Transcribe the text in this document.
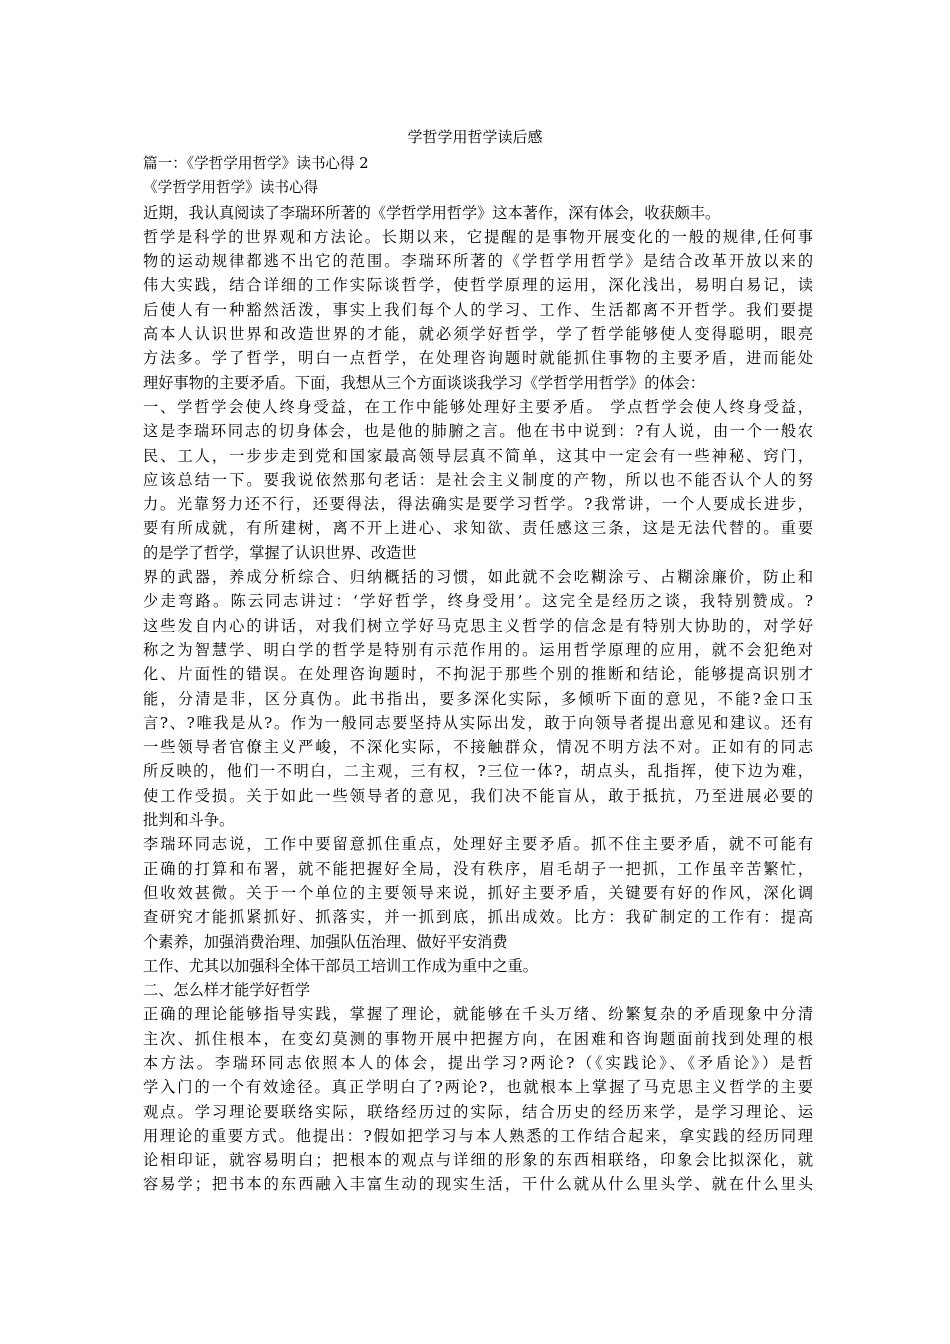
学哲学用哲学读后感
篇一：《学哲学用哲学》读书心得 2
《学哲学用哲学》读书心得
近期，我认真阅读了李瑞环所著的《学哲学用哲学》这本著作，深有体会，收获颇丰。
哲学是科学的世界观和方法论。长期以来，它提醒的是事物开展变化的一般的规律,任何事
物的运动规律都逃不出它的范围。李瑞环所著的《学哲学用哲学》是结合改革开放以来的
伟大实践，结合详细的工作实际谈哲学，使哲学原理的运用，深化浅出，易明白易记，读
后使人有一种豁然活泼，事实上我们每个人的学习、工作、生活都离不开哲学。我们要提
高本人认识世界和改造世界的才能，就必须学好哲学，学了哲学能够使人变得聪明，眼亮
方法多。学了哲学，明白一点哲学，在处理咨询题时就能抓住事物的主要矛盾，进而能处
理好事物的主要矛盾。下面，我想从三个方面谈谈我学习《学哲学用哲学》的体会：
一、学哲学会使人终身受益，在工作中能够处理好主要矛盾。 学点哲学会使人终身受益，
这是李瑞环同志的切身体会，也是他的肺腑之言。他在书中说到：?有人说，由一个一般农
民、工人，一步步走到党和国家最高领导层真不简单，这其中一定会有一些神秘、窍门，
应该总结一下。要我说依然那句老话：是社会主义制度的产物，所以也不能否认个人的努
力。光靠努力还不行，还要得法，得法确实是要学习哲学。?我常讲，一个人要成长进步，
要有所成就，有所建树，离不开上进心、求知欲、责任感这三条，这是无法代替的。重要
的是学了哲学，掌握了认识世界、改造世
界的武器，养成分析综合、归纳概括的习惯，如此就不会吃糊涂亏、占糊涂廉价，防止和
少走弯路。陈云同志讲过：‘学好哲学，终身受用’。这完全是经历之谈，我特别赞成。?
这些发自内心的讲话，对我们树立学好马克思主义哲学的信念是有特别大协助的，对学好
称之为智慧学、明白学的哲学是特别有示范作用的。运用哲学原理的应用，就不会犯绝对
化、片面性的错误。在处理咨询题时，不拘泥于那些个别的推断和结论，能够提高识别才
能，分清是非，区分真伪。此书指出，要多深化实际，多倾听下面的意见，不能?金口玉
言?、?唯我是从?。作为一般同志要坚持从实际出发，敢于向领导者提出意见和建议。还有
一些领导者官僚主义严峻，不深化实际，不接触群众，情况不明方法不对。正如有的同志
所反映的，他们一不明白，二主观，三有权，?三位一体?，胡点头，乱指挥，使下边为难，
使工作受损。关于如此一些领导者的意见，我们决不能盲从，敢于抵抗，乃至进展必要的
批判和斗争。
李瑞环同志说，工作中要留意抓住重点，处理好主要矛盾。抓不住主要矛盾，就不可能有
正确的打算和布署，就不能把握好全局，没有秩序，眉毛胡子一把抓，工作虽辛苦繁忙，
但收效甚微。关于一个单位的主要领导来说，抓好主要矛盾，关键要有好的作风，深化调
查研究才能抓紧抓好、抓落实，并一抓到底，抓出成效。比方：我矿制定的工作有：提高
个素养，加强消费治理、加强队伍治理、做好平安消费
工作、尤其以加强科全体干部员工培训工作成为重中之重。
二、怎么样才能学好哲学
正确的理论能够指导实践，掌握了理论，就能够在千头万绪、纷繁复杂的矛盾现象中分清
主次、抓住根本，在变幻莫测的事物开展中把握方向，在困难和咨询题面前找到处理的根
本方法。李瑞环同志依照本人的体会，提出学习?两论?（《实践论》、《矛盾论》）是哲
学入门的一个有效途径。真正学明白了?两论?，也就根本上掌握了马克思主义哲学的主要
观点。学习理论要联络实际，联络经历过的实际，结合历史的经历来学，是学习理论、运
用理论的重要方式。他提出：?假如把学习与本人熟悉的工作结合起来，拿实践的经历同理
论相印证，就容易明白；把根本的观点与详细的形象的东西相联络，印象会比拟深化，就
容易学；把书本的东西融入丰富生动的现实生活，干什么就从什么里头学、就在什么里头
